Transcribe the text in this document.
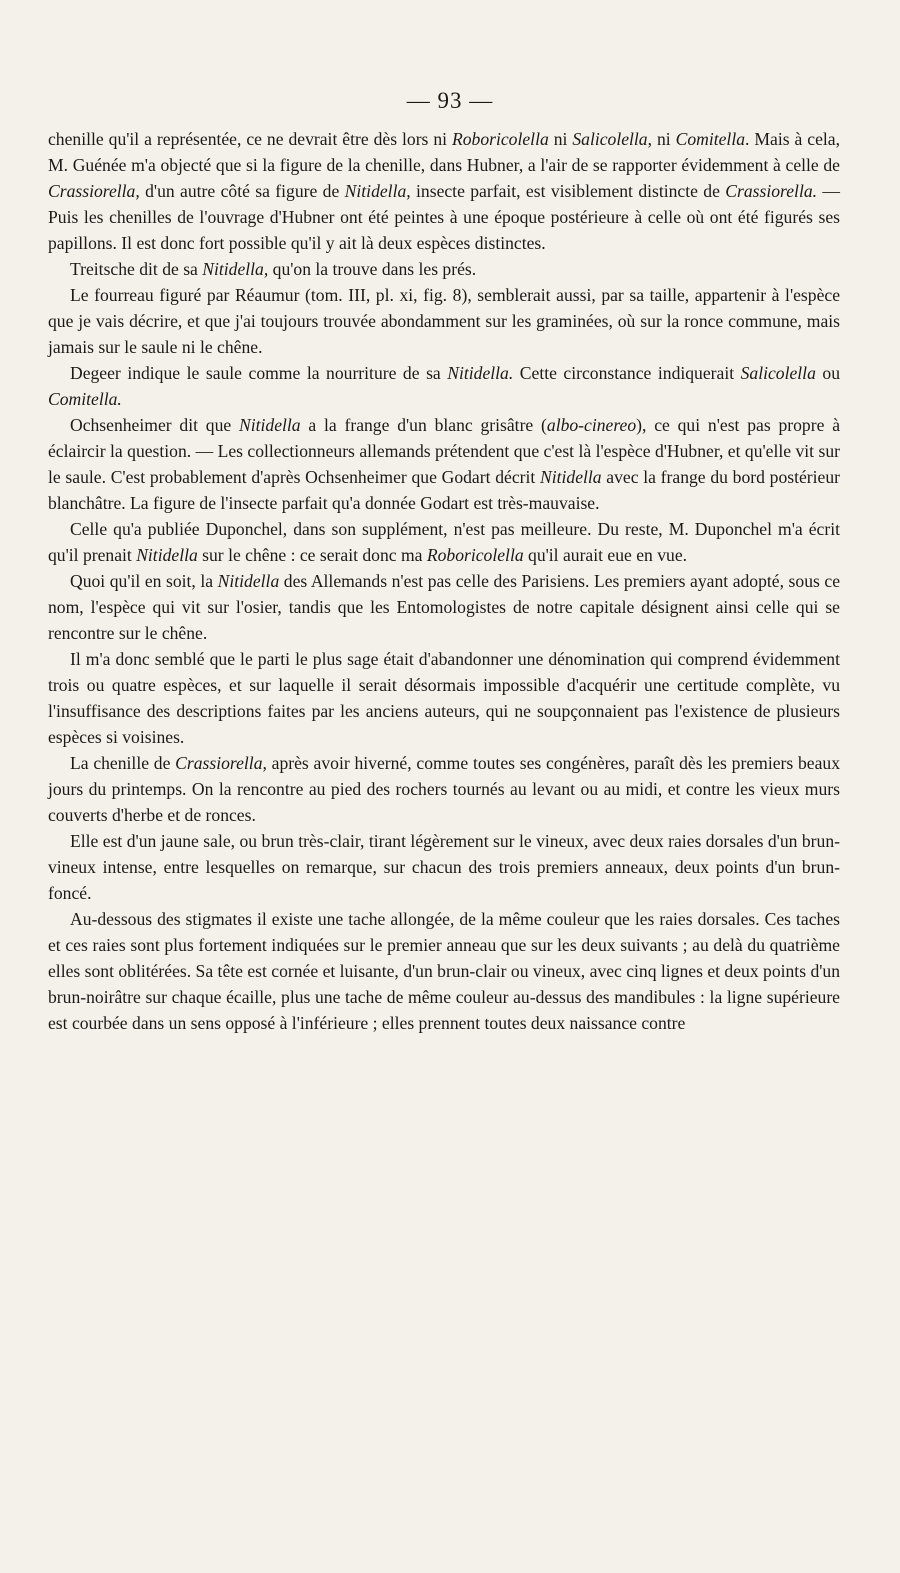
— 93 —

chenille qu'il a représentée, ce ne devrait être dès lors ni Roboricolella ni Salicolella, ni Comitella. Mais à cela, M. Guénée m'a objecté que si la figure de la chenille, dans Hubner, a l'air de se rapporter évidemment à celle de Crassiorella, d'un autre côté sa figure de Nitidella, insecte parfait, est visiblement distincte de Crassiorella. — Puis les chenilles de l'ouvrage d'Hubner ont été peintes à une époque postérieure à celle où ont été figurés ses papillons. Il est donc fort possible qu'il y ait là deux espèces distinctes.

Treitsche dit de sa Nitidella, qu'on la trouve dans les prés.

Le fourreau figuré par Réaumur (tom. III, pl. xi, fig. 8), semblerait aussi, par sa taille, appartenir à l'espèce que je vais décrire, et que j'ai toujours trouvée abondamment sur les graminées, où sur la ronce commune, mais jamais sur le saule ni le chêne.

Degeer indique le saule comme la nourriture de sa Nitidella. Cette circonstance indiquerait Salicolella ou Comitella.

Ochsenheimer dit que Nitidella a la frange d'un blanc grisâtre (albo-cinereo), ce qui n'est pas propre à éclaircir la question. — Les collectionneurs allemands prétendent que c'est là l'espèce d'Hubner, et qu'elle vit sur le saule. C'est probablement d'après Ochsenheimer que Godart décrit Nitidella avec la frange du bord postérieur blanchâtre. La figure de l'insecte parfait qu'a donnée Godart est très-mauvaise.

Celle qu'a publiée Duponchel, dans son supplément, n'est pas meilleure. Du reste, M. Duponchel m'a écrit qu'il prenait Nitidella sur le chêne : ce serait donc ma Roboricolella qu'il aurait eue en vue.

Quoi qu'il en soit, la Nitidella des Allemands n'est pas celle des Parisiens. Les premiers ayant adopté, sous ce nom, l'espèce qui vit sur l'osier, tandis que les Entomologistes de notre capitale désignent ainsi celle qui se rencontre sur le chêne.

Il m'a donc semblé que le parti le plus sage était d'abandonner une dénomination qui comprend évidemment trois ou quatre espèces, et sur laquelle il serait désormais impossible d'acquérir une certitude complète, vu l'insuffisance des descriptions faites par les anciens auteurs, qui ne soupçonnaient pas l'existence de plusieurs espèces si voisines.

La chenille de Crassiorella, après avoir hiverné, comme toutes ses congénères, paraît dès les premiers beaux jours du printemps. On la rencontre au pied des rochers tournés au levant ou au midi, et contre les vieux murs couverts d'herbe et de ronces.

Elle est d'un jaune sale, ou brun très-clair, tirant légèrement sur le vineux, avec deux raies dorsales d'un brun-vineux intense, entre lesquelles on remarque, sur chacun des trois premiers anneaux, deux points d'un brun-foncé.

Au-dessous des stigmates il existe une tache allongée, de la même couleur que les raies dorsales. Ces taches et ces raies sont plus fortement indiquées sur le premier anneau que sur les deux suivants ; au delà du quatrième elles sont oblitérées. Sa tête est cornée et luisante, d'un brun-clair ou vineux, avec cinq lignes et deux points d'un brun-noirâtre sur chaque écaille, plus une tache de même couleur au-dessus des mandibules : la ligne supérieure est courbée dans un sens opposé à l'inférieure ; elles prennent toutes deux naissance contre
